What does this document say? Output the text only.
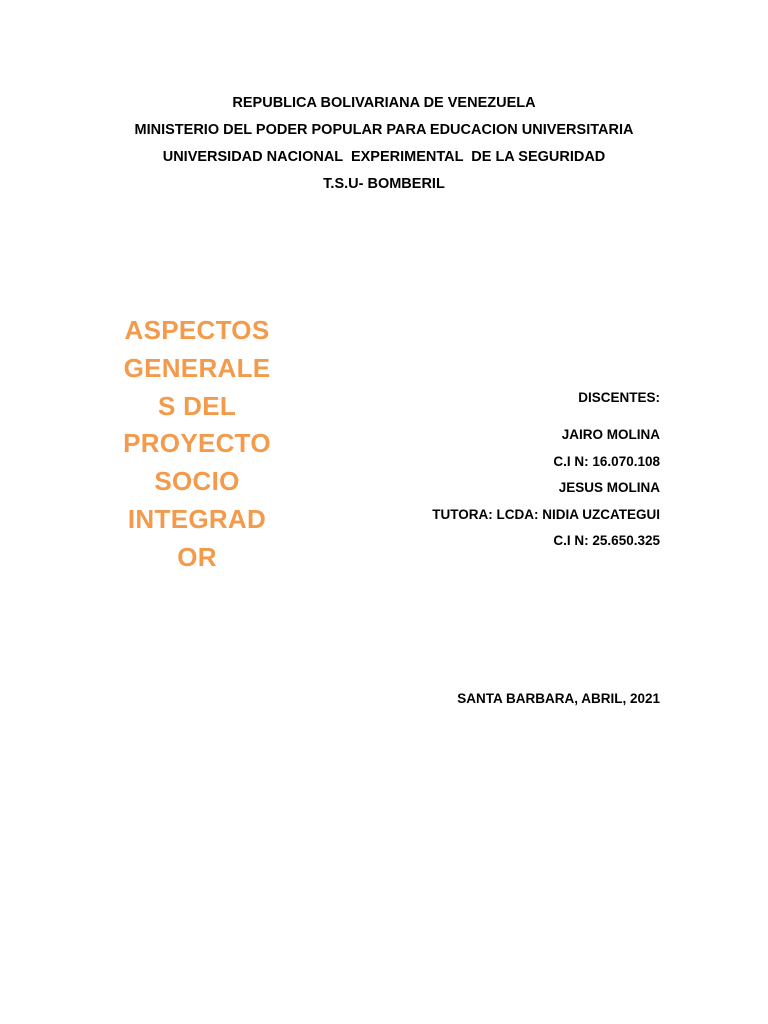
REPUBLICA BOLIVARIANA DE VENEZUELA
MINISTERIO DEL PODER POPULAR PARA EDUCACION UNIVERSITARIA
UNIVERSIDAD NACIONAL  EXPERIMENTAL  DE LA SEGURIDAD
T.S.U- BOMBERIL
ASPECTOS
GENERALE
S DEL
PROYECTO
SOCIO
INTEGRAD
OR
DISCENTES:
JAIRO MOLINA
C.I N: 16.070.108
JESUS MOLINA
TUTORA: LCDA: NIDIA UZCATEGUI
C.I N: 25.650.325
SANTA BARBARA, ABRIL, 2021
